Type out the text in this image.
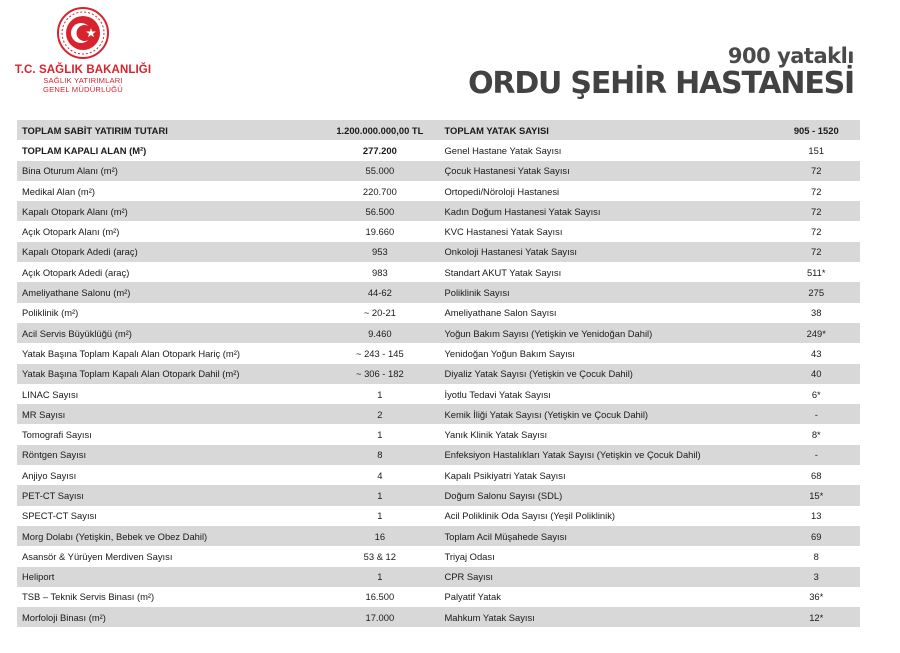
T.C. SAĞLIK BAKANLIĞI
SAĞLIK YATIRIMLARI
GENEL MÜDÜRLÜĞÜ
900 yataklı
ORDU ŞEHİR HASTANESİ
TOPLAM SABİT YATIRIM TUTARI	1.200.000.000,00 TL	TOPLAM YATAK SAYISI	905 - 1520
TOPLAM KAPALI ALAN (M²)	277.200	Genel Hastane Yatak Sayısı	151
Bina Oturum Alanı (m²)	55.000	Çocuk Hastanesi Yatak Sayısı	72
Medikal Alan (m²)	220.700	Ortopedi/Nöroloji Hastanesi	72
Kapalı Otopark Alanı (m²)	56.500	Kadın Doğum Hastanesi Yatak Sayısı	72
Açık Otopark Alanı (m²)	19.660	KVC Hastanesi Yatak Sayısı	72
Kapalı Otopark Adedi (araç)	953	Onkoloji Hastanesi Yatak Sayısı	72
Açık Otopark Adedi (araç)	983	Standart AKUT Yatak Sayısı	511*
Ameliyathane Salonu (m²)	44-62	Poliklinik Sayısı	275
Poliklinik (m²)	~ 20-21	Ameliyathane Salon Sayısı	38
Acil Servis Büyüklüğü (m²)	9.460	Yoğun Bakım Sayısı (Yetişkin ve Yenidoğan Dahil)	249*
Yatak Başına Toplam Kapalı Alan Otopark Hariç (m²)	~ 243 - 145	Yenidoğan Yoğun Bakım Sayısı	43
Yatak Başına Toplam Kapalı Alan Otopark Dahil (m²)	~ 306 - 182	Diyaliz Yatak Sayısı (Yetişkin ve Çocuk Dahil)	40
LINAC Sayısı	1	İyotlu Tedavi Yatak Sayısı	6*
MR Sayısı	2	Kemik İliği Yatak Sayısı (Yetişkin ve Çocuk Dahil)	-
Tomografi Sayısı	1	Yanık Klinik Yatak Sayısı	8*
Röntgen Sayısı	8	Enfeksiyon Hastalıkları Yatak Sayısı (Yetişkin ve Çocuk Dahil)	-
Anjiyo Sayısı	4	Kapalı Psikiyatri Yatak Sayısı	68
PET-CT Sayısı	1	Doğum Salonu Sayısı (SDL)	15*
SPECT-CT Sayısı	1	Acil Poliklinik Oda Sayısı (Yeşil Poliklinik)	13
Morg Dolabı (Yetişkin, Bebek ve Obez Dahil)	16	Toplam Acil Müşahede Sayısı	69
Asansör & Yürüyen Merdiven Sayısı	53 & 12	Triyaj Odası	8
Heliport	1	CPR Sayısı	3
TSB – Teknik Servis Binası (m²)	16.500	Palyatif Yatak	36*
Morfoloji Binası (m²)	17.000	Mahkum Yatak Sayısı	12*
